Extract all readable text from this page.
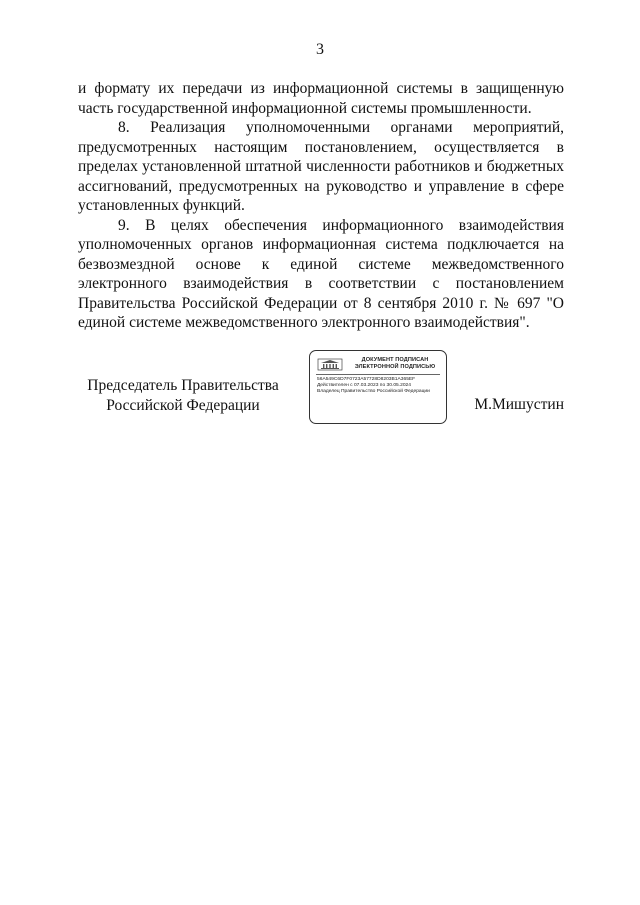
3

и формату их передачи из информационной системы в защищенную часть государственной информационной системы промышленности.

8. Реализация уполномоченными органами мероприятий, предусмотренных настоящим постановлением, осуществляется в пределах установленной штатной численности работников и бюджетных ассигнований, предусмотренных на руководство и управление в сфере установленных функций.

9. В целях обеспечения информационного взаимодействия уполномоченных органов информационная система подключается на безвозмездной основе к единой системе межведомственного электронного взаимодействия в соответствии с постановлением Правительства Российской Федерации от 8 сентября 2010 г. № 697 "О единой системе межведомственного электронного взаимодействия".

Председатель Правительства
Российской Федерации
ДОКУМЕНТ ПОДПИСАН
ЭЛЕКТРОННОЙ ПОДПИСЬЮ
56A549C6D7F0723A57728D8203B1A365EF
Действителен с 07.03.2023 по 30.05.2024
Владелец Правительство Российской Федерации
М.Мишустин
